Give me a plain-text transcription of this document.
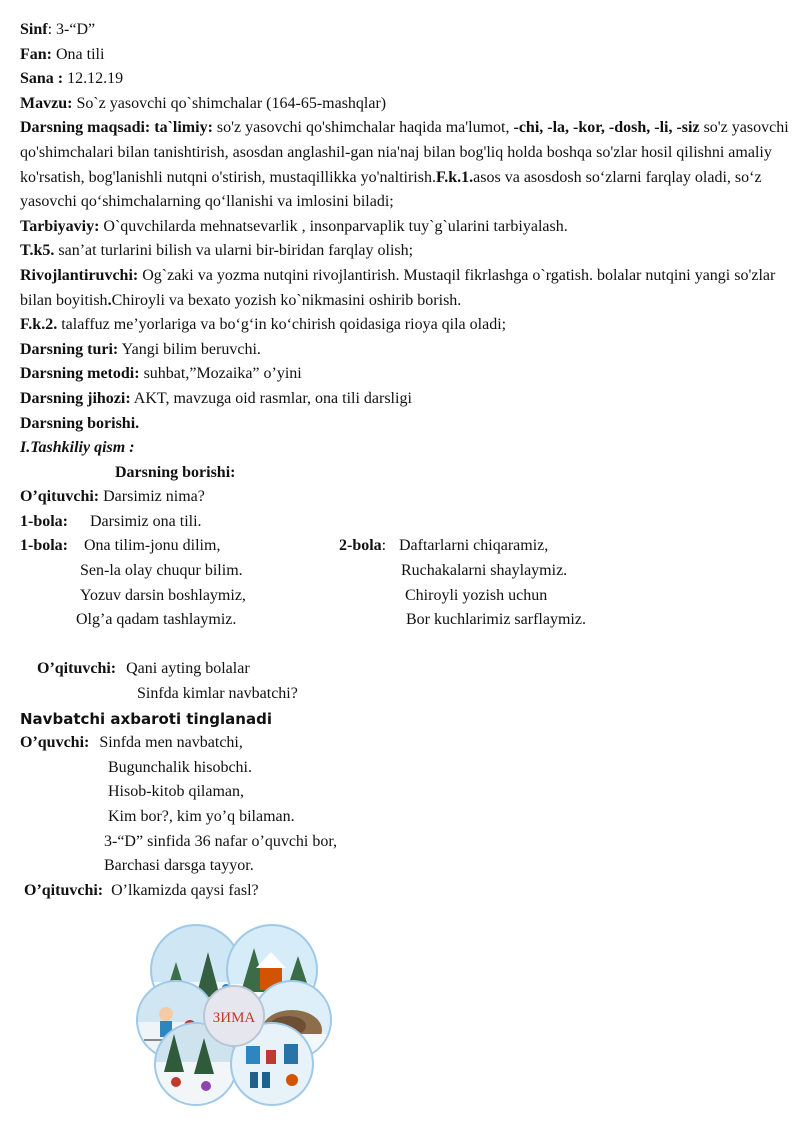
Sinf: 3-“D”
Fan: Ona tili
Sana : 12.12.19
Mavzu: So`z yasovchi qo`shimchalar (164-65-mashqlar)
Darsning maqsadi: ta`limiy: so'z yasovchi qo'shimchalar haqida ma'lumot, -chi, -la, -kor, -dosh, -li, -siz so'z yasovchi qo'shimchalari bilan tanishtirish, asosdan anglashil-gan nia'naj bilan bog'liq holda boshqa so'zlar hosil qilishni amaliy ko'rsatish, bog'lanishli nutqni o'stirish, mustaqillikka yo'naltirish.F.k.1.asos va asosdosh so‘zlarni farqlay oladi, so‘z yasovchi qo‘shimchalarning qo‘llanishi va imlosini biladi;
Tarbiyaviy: O`quvchilarda mehnatsevarlik , insonparvaplik tuy`g`ularini tarbiyalash.
T.k5. san’at turlarini bilish va ularni bir-biridan farqlay olish;
Rivojlantiruvchi: Og`zaki va yozma nutqini rivojlantirish. Mustaqil fikrlashga o`rgatish. bolalar nutqini yangi so'zlar bilan boyitish.Chiroyli va bexato yozish ko`nikmasini oshirib borish.
F.k.2. talaffuz me’yorlariga va bo‘g‘in ko‘chirish qoidasiga rioya qila oladi;
Darsning turi: Yangi bilim beruvchi.
Darsning metodi: suhbat,”Mozaika” o’yini
Darsning jihozi: AKT, mavzuga oid rasmlar, ona tili darsligi
Darsning borishi.
I.Tashkiliy qism :
Darsning borishi:
O’qituvchi: Darsimiz nima?
1-bola: Darsimiz ona tili.
1-bola: Ona tilim-jonu dilim,
Sen-la olay chuqur bilim.
Yozuv darsin boshlaymiz,
Olg’a qadam tashlaymiz.
2-bola: Daftarlarni chiqaramiz,
Ruchakalarni shaylaymiz.
Chiroyli yozish uchun
Bor kuchlarimiz sarflaymiz.
O’qituvchi: Qani ayting bolalar
Sinfda kimlar navbatchi?
Navbatchi axbaroti tinglanadi
O’quvchi: Sinfda men navbatchi,
Bugunchalik hisobchi.
Hisob-kitob qilaman,
Kim bor?, kim yo’q bilaman.
3-“D” sinfida 36 nafar o’quvchi bor,
Barchasi darsga tayyor.
O’qituvchi: O’lkamizda qaysi fasl?
ЗИМА
